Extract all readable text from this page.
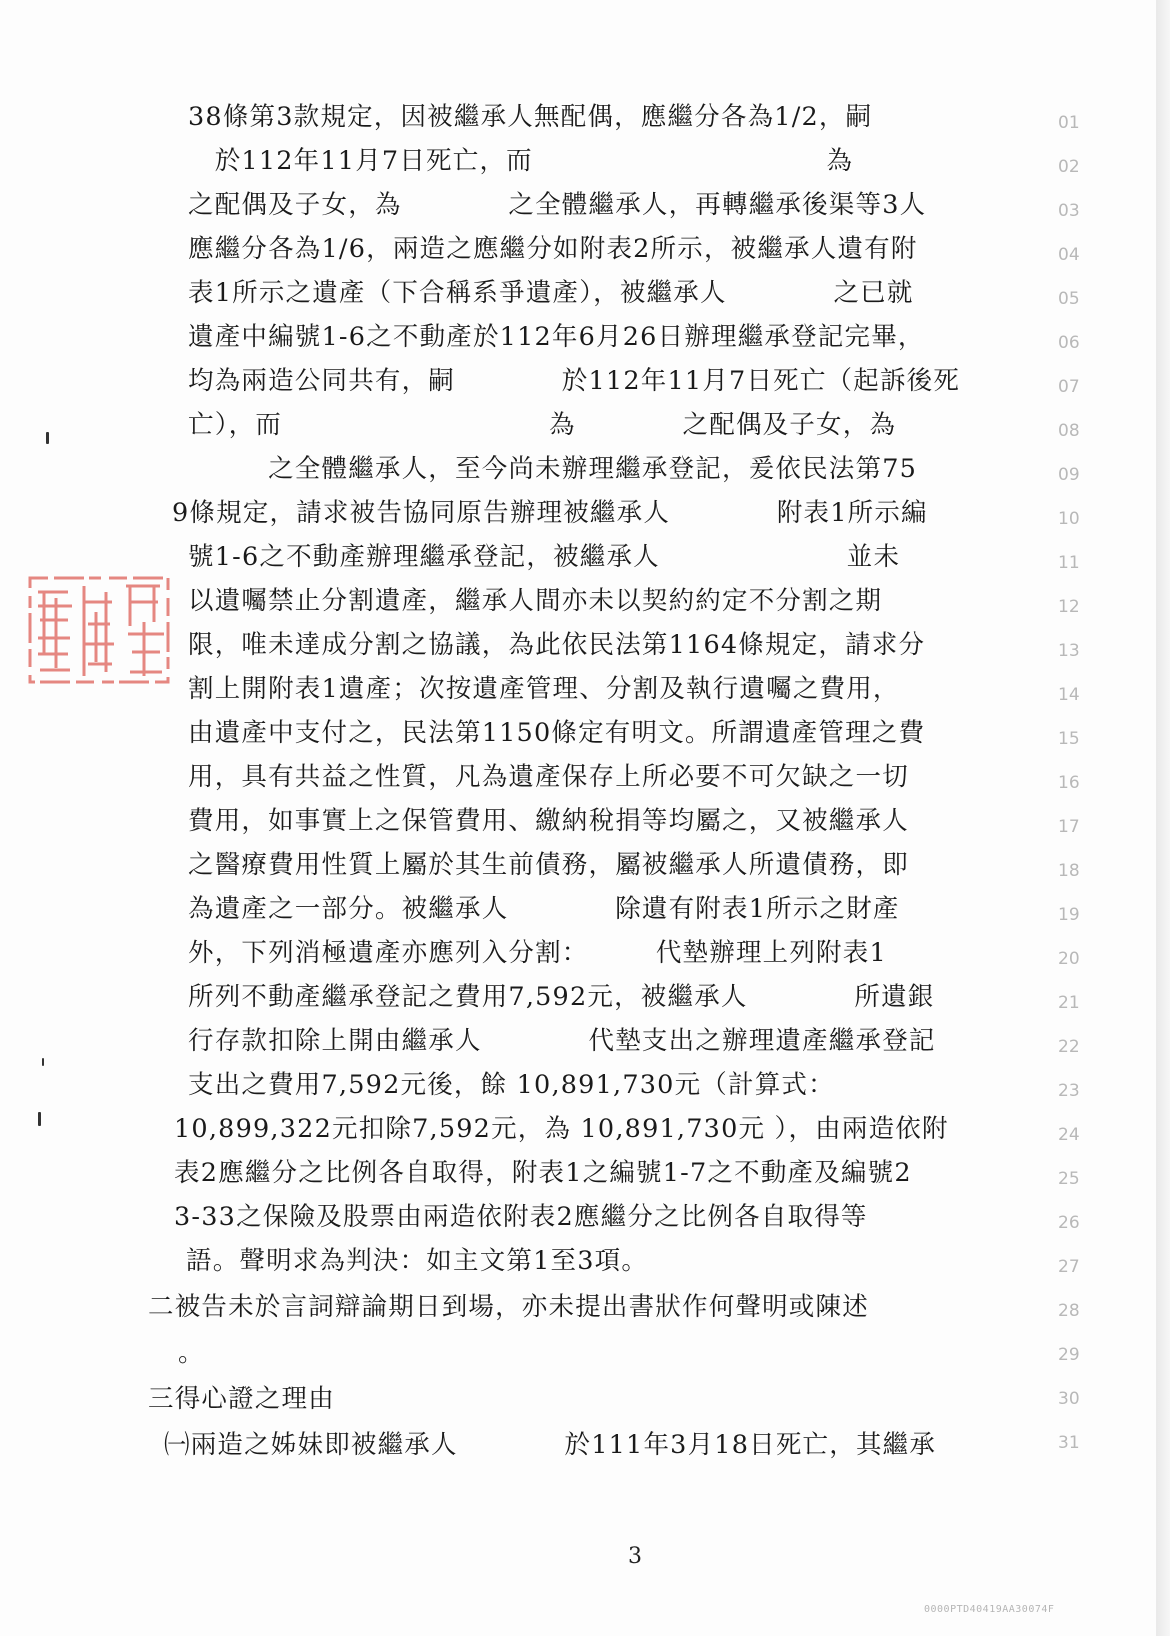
38條第3款規定，因被繼承人無配偶，應繼分各為1/2，嗣
　於112年11月7日死亡，而　　　　　　　　　　　為
之配偶及子女，為　　　　之全體繼承人，再轉繼承後渠等3人
應繼分各為1/6，兩造之應繼分如附表2所示，被繼承人遺有附
表1所示之遺產（下合稱系爭遺產），被繼承人　　　　之已就
遺產中編號1-6之不動產於112年6月26日辦理繼承登記完畢，
均為兩造公同共有，嗣　　　　於112年11月7日死亡（起訴後死
亡），而　　　　　　　　　　為　　　　之配偶及子女，為
　　　之全體繼承人，至今尚未辦理繼承登記，爰依民法第75
9條規定，請求被告協同原告辦理被繼承人　　　　附表1所示編
號1-6之不動產辦理繼承登記，被繼承人　　　　　　　並未
以遺囑禁止分割遺產，繼承人間亦未以契約約定不分割之期
限，唯未達成分割之協議，為此依民法第1164條規定，請求分
割上開附表1遺產；次按遺產管理、分割及執行遺囑之費用，
由遺產中支付之，民法第1150條定有明文。所謂遺產管理之費
用，具有共益之性質，凡為遺產保存上所必要不可欠缺之一切
費用，如事實上之保管費用、繳納稅捐等均屬之，又被繼承人
之醫療費用性質上屬於其生前債務，屬被繼承人所遺債務，即
為遺產之一部分。被繼承人　　　　除遺有附表1所示之財產
外，下列消極遺產亦應列入分割：　　　代墊辦理上列附表1
所列不動產繼承登記之費用7,592元，被繼承人　　　　所遺銀
行存款扣除上開由繼承人　　　　代墊支出之辦理遺產繼承登記
支出之費用7,592元後，餘 10,891,730元（計算式：
10,899,322元扣除7,592元，為 10,891,730元 ），由兩造依附
表2應繼分之比例各自取得，附表1之編號1-7之不動產及編號2
3-33之保險及股票由兩造依附表2應繼分之比例各自取得等
語。聲明求為判決：如主文第1至3項。
二被告未於言詞辯論期日到場，亦未提出書狀作何聲明或陳述
。
三得心證之理由
㈠兩造之姊妹即被繼承人　　　　於111年3月18日死亡，其繼承
01
02
03
04
05
06
07
08
09
10
11
12
13
14
15
16
17
18
19
20
21
22
23
24
25
26
27
28
29
30
31
3
0000PTD40419AA30074F
